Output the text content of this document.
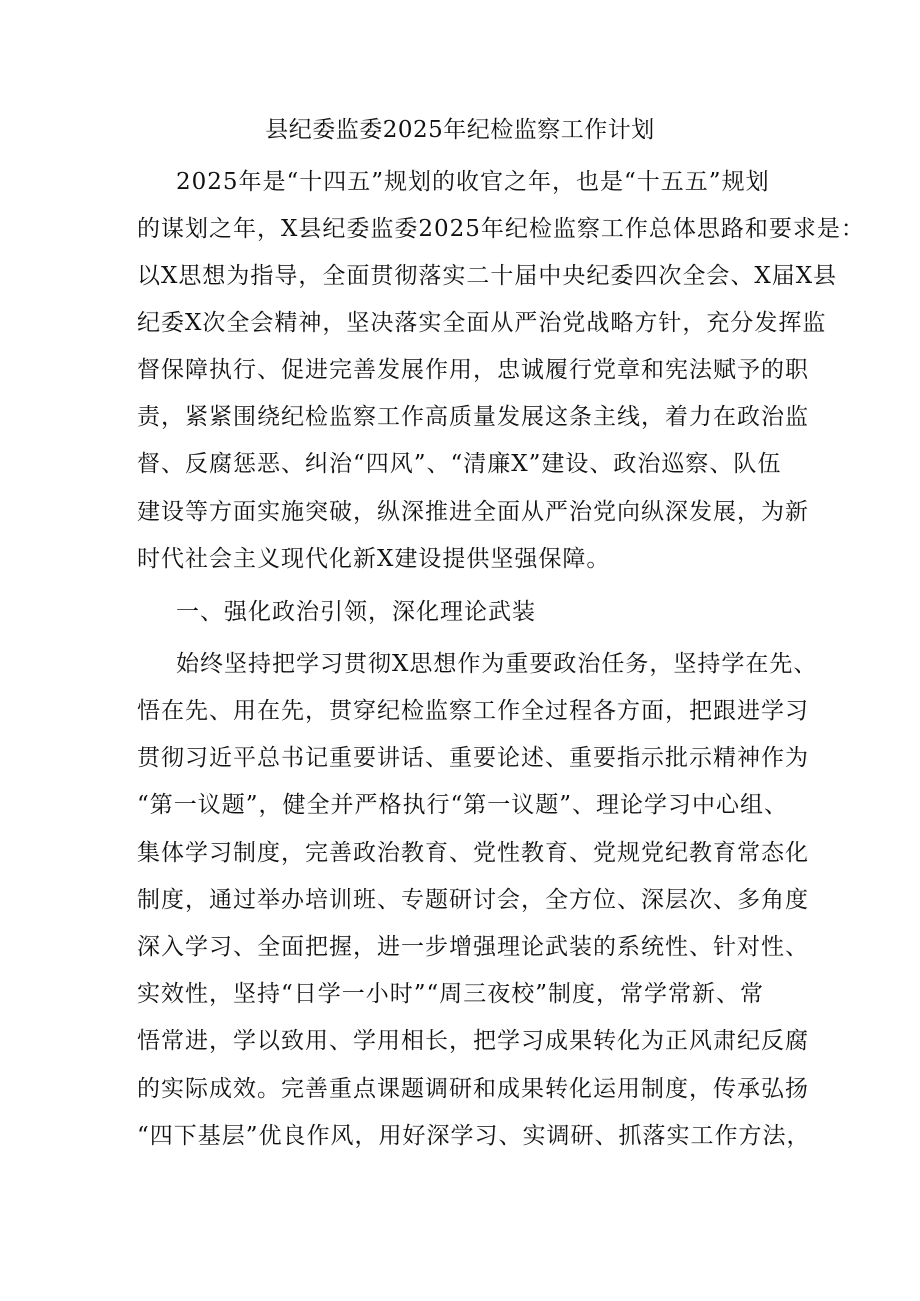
县纪委监委2025年纪检监察工作计划
2025年是“十四五”规划的收官之年，也是“十五五”规划
的谋划之年，X县纪委监委2025年纪检监察工作总体思路和要求是：
以X思想为指导，全面贯彻落实二十届中央纪委四次全会、X届X县
纪委X次全会精神，坚决落实全面从严治党战略方针，充分发挥监
督保障执行、促进完善发展作用，忠诚履行党章和宪法赋予的职
责，紧紧围绕纪检监察工作高质量发展这条主线，着力在政治监
督、反腐惩恶、纠治“四风”、“清廉X”建设、政治巡察、队伍
建设等方面实施突破，纵深推进全面从严治党向纵深发展，为新
时代社会主义现代化新X建设提供坚强保障。
一、强化政治引领，深化理论武装
始终坚持把学习贯彻X思想作为重要政治任务，坚持学在先、
悟在先、用在先，贯穿纪检监察工作全过程各方面，把跟进学习
贯彻习近平总书记重要讲话、重要论述、重要指示批示精神作为
“第一议题”，健全并严格执行“第一议题”、理论学习中心组、
集体学习制度，完善政治教育、党性教育、党规党纪教育常态化
制度，通过举办培训班、专题研讨会，全方位、深层次、多角度
深入学习、全面把握，进一步增强理论武装的系统性、针对性、
实效性，坚持“日学一小时”“周三夜校”制度，常学常新、常
悟常进，学以致用、学用相长，把学习成果转化为正风肃纪反腐
的实际成效。完善重点课题调研和成果转化运用制度，传承弘扬
“四下基层”优良作风，用好深学习、实调研、抓落实工作方法，
